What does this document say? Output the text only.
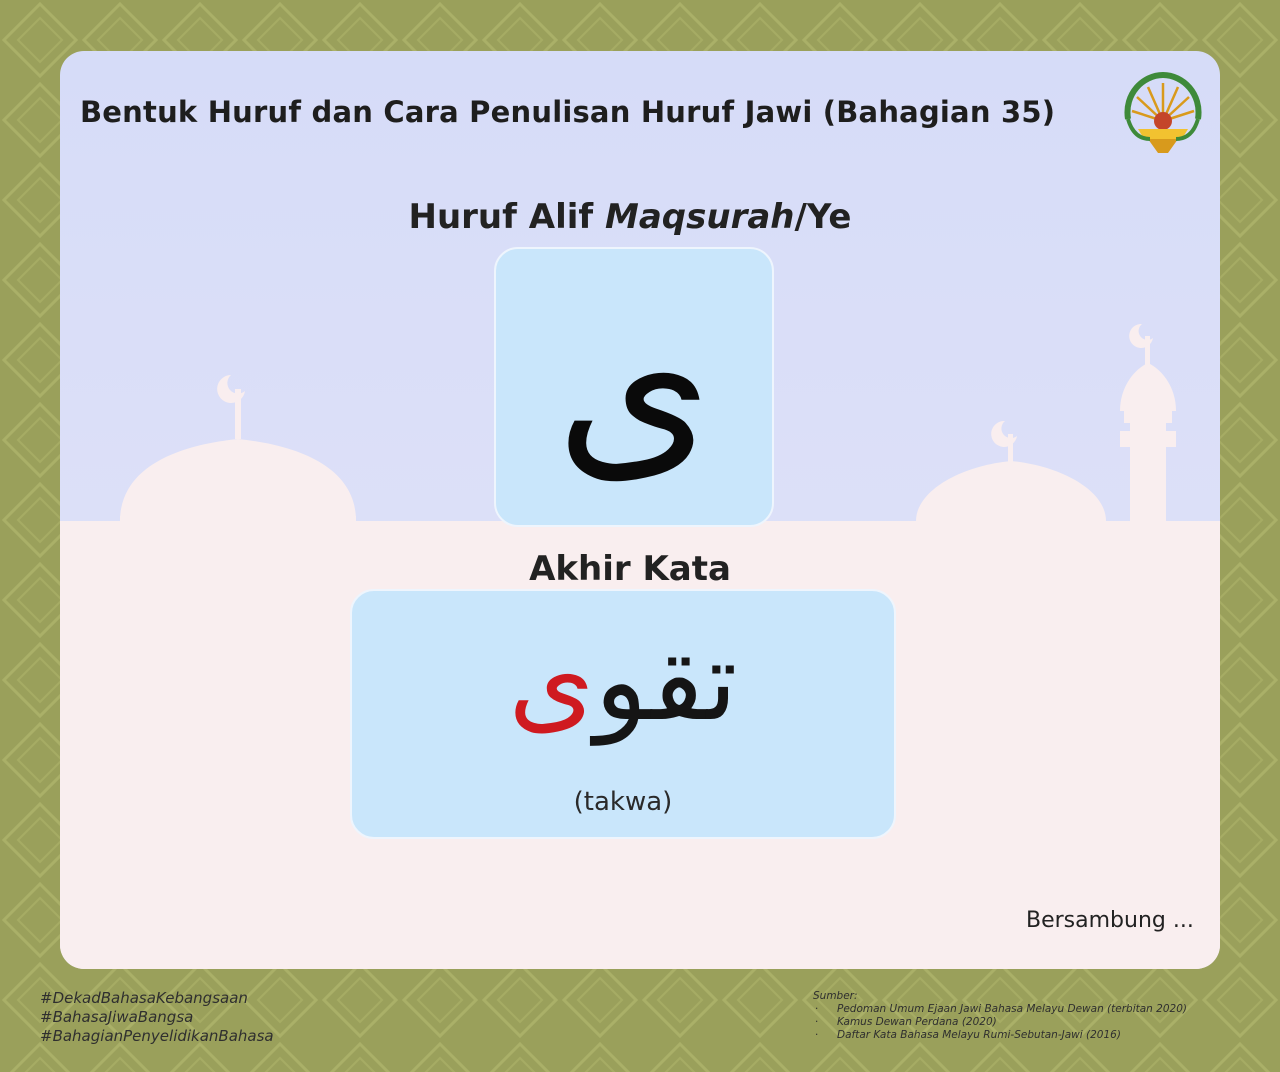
Bentuk Huruf dan Cara Penulisan Huruf Jawi (Bahagian 35)
Huruf Alif Maqsurah/Ye
ى
Akhir Kata
تقوى
(takwa)
Bersambung ...
#DekadBahasaKebangsaan
#BahasaJiwaBangsa
#BahagianPenyelidikanBahasa
Sumber:
· Pedoman Umum Ejaan Jawi Bahasa Melayu Dewan (terbitan 2020)
· Kamus Dewan Perdana (2020)
· Daftar Kata Bahasa Melayu Rumi-Sebutan-Jawi (2016)
